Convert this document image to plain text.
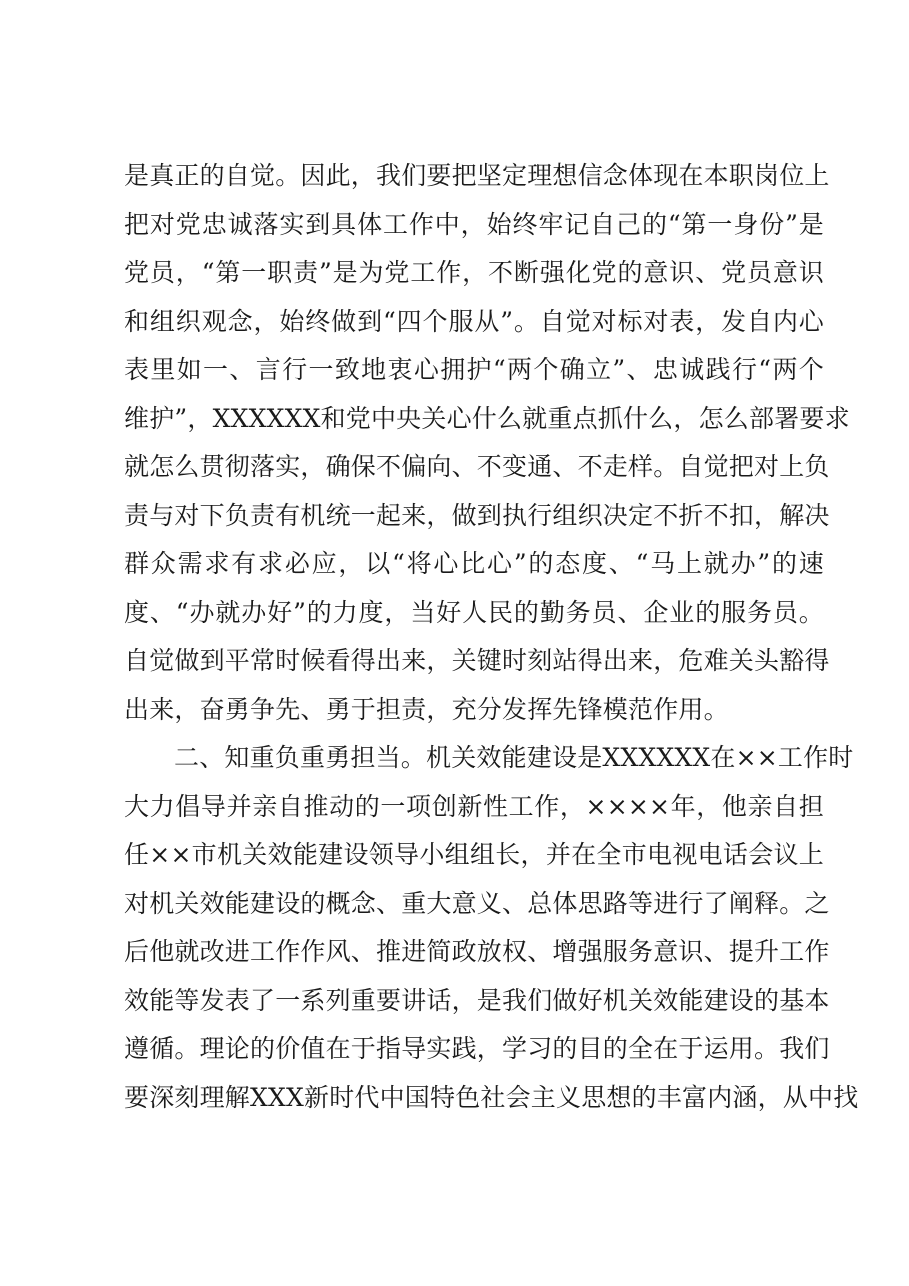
是真正的自觉。因此，我们要把坚定理想信念体现在本职岗位上
把对党忠诚落实到具体工作中，始终牢记自己的“第一身份”是
党员，“第一职责”是为党工作，不断强化党的意识、党员意识
和组织观念，始终做到“四个服从”。自觉对标对表，发自内心
表里如一、言行一致地衷心拥护“两个确立”、忠诚践行“两个
维护”，XXXXXX和党中央关心什么就重点抓什么，怎么部署要求
就怎么贯彻落实，确保不偏向、不变通、不走样。自觉把对上负
责与对下负责有机统一起来，做到执行组织决定不折不扣，解决
群众需求有求必应，以“将心比心”的态度、“马上就办”的速
度、“办就办好”的力度，当好人民的勤务员、企业的服务员。
自觉做到平常时候看得出来，关键时刻站得出来，危难关头豁得
出来，奋勇争先、勇于担责，充分发挥先锋模范作用。
二、知重负重勇担当。机关效能建设是XXXXXX在××工作时
大力倡导并亲自推动的一项创新性工作，××××年，他亲自担
任××市机关效能建设领导小组组长，并在全市电视电话会议上
对机关效能建设的概念、重大意义、总体思路等进行了阐释。之
后他就改进工作作风、推进简政放权、增强服务意识、提升工作
效能等发表了一系列重要讲话，是我们做好机关效能建设的基本
遵循。理论的价值在于指导实践，学习的目的全在于运用。我们
要深刻理解XXX新时代中国特色社会主义思想的丰富内涵，从中找
